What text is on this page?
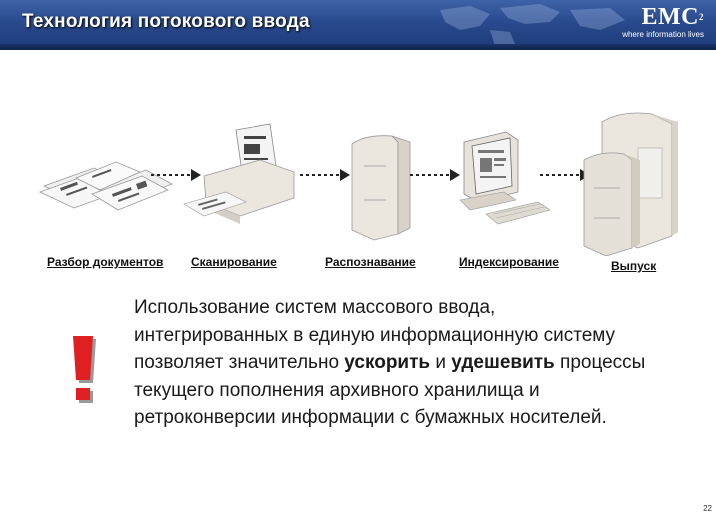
Технология потокового ввода	EMC$^2$
where information lives
Разбор документов Сканирование	Распознавание	Индексирование	Выпуск
Использование систем массового ввода,
интегрированных в единую информационную систему
позволяет значительно ускорить и удешевить процессы
текущего пополнения архивного хранилища и
ретроконверсии информации с бумажных носителей.
22
